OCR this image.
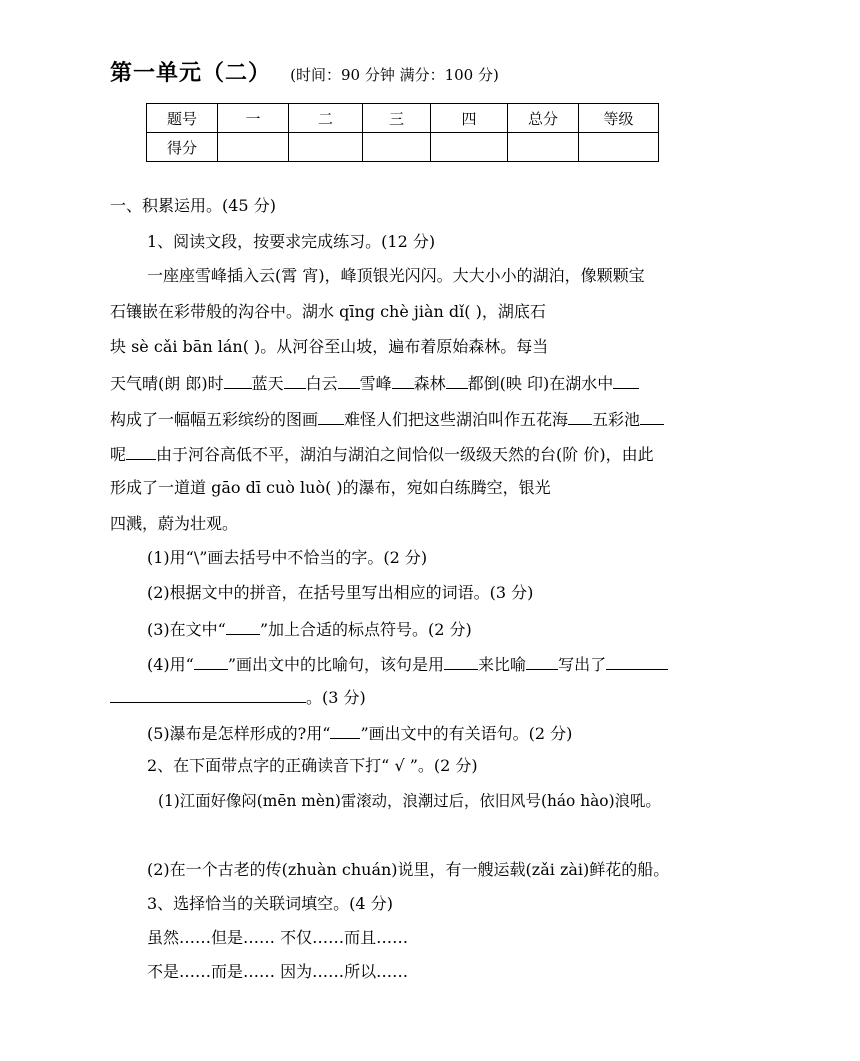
第一单元（二） (时间：90 分钟 满分：100 分)
题号	一	二	三	四	总分	等级
得分						
一、积累运用。(45 分)
1、阅读文段，按要求完成练习。(12 分)
一座座雪峰插入云(霄 宵)，峰顶银光闪闪。大大小小的湖泊，像颗颗宝
石镶嵌在彩带般的沟谷中。湖水 qīng chè jiàn dǐ( )，湖底石
块 sè cǎi bān lán( )。从河谷至山坡，遍布着原始森林。每当
天气晴(朗 郎)时 蓝天 白云 雪峰 森林 都倒(映 印)在湖水中
构成了一幅幅五彩缤纷的图画 难怪人们把这些湖泊叫作五花海 五彩池
呢 由于河谷高低不平，湖泊与湖泊之间恰似一级级天然的台(阶 价)，由此
形成了一道道 gāo dī cuò luò( )的瀑布，宛如白练腾空，银光
四溅，蔚为壮观。
(1)用“\”画去括号中不恰当的字。(2 分)
(2)根据文中的拼音，在括号里写出相应的词语。(3 分)
(3)在文中“ ”加上合适的标点符号。(2 分)
(4)用“ ”画出文中的比喻句，该句是用 来比喻 写出了
。(3 分)
(5)瀑布是怎样形成的?用“ ”画出文中的有关语句。(2 分)
2、在下面带点字的正确读音下打“ √ ”。(2 分)
(1)江面好像闷(mēn mèn)雷滚动，浪潮过后，依旧风号(háo hào)浪吼。
(2)在一个古老的传(zhuàn chuán)说里，有一艘运载(zǎi zài)鲜花的船。
3、选择恰当的关联词填空。(4 分)
虽然……但是…… 不仅……而且……
不是……而是…… 因为……所以……
